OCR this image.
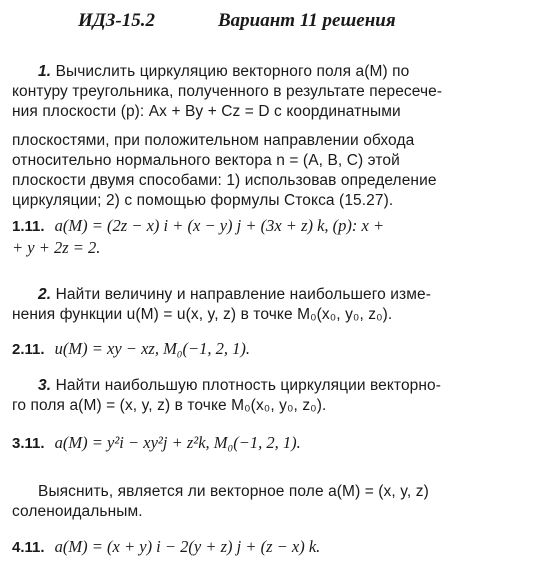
ИДЗ-15.2	Вариант 11 решения
1. Вычислить циркуляцию векторного поля a(M) по
контуру треугольника, полученного в результате пересече-
ния плоскости (p): Ax + By + Cz = D с координатными
плоскостями, при положительном направлении обхода
относительно нормального вектора n = (A, B, C) этой
плоскости двумя способами: 1) использовав определение
циркуляции; 2) с помощью формулы Стокса (15.27).
1.11. a(M) = (2z − x) i + (x − y) j + (3x + z) k, (p): x +
+ y + 2z = 2.
2. Найти величину и направление наибольшего изме-
нения функции u(M) = u(x, y, z) в точке M₀(x₀, y₀, z₀).
2.11. u(M) = xy − xz, M₀(−1, 2, 1).
3. Найти наибольшую плотность циркуляции векторно-
го поля a(M) = (x, y, z) в точке M₀(x₀, y₀, z₀).
3.11. a(M) = y²i − xy²j + z²k, M₀(−1, 2, 1).
Выяснить, является ли векторное поле a(M) = (x, y, z)
соленоидальным.
4.11. a(M) = (x + y) i − 2(y + z) j + (z − x) k.
